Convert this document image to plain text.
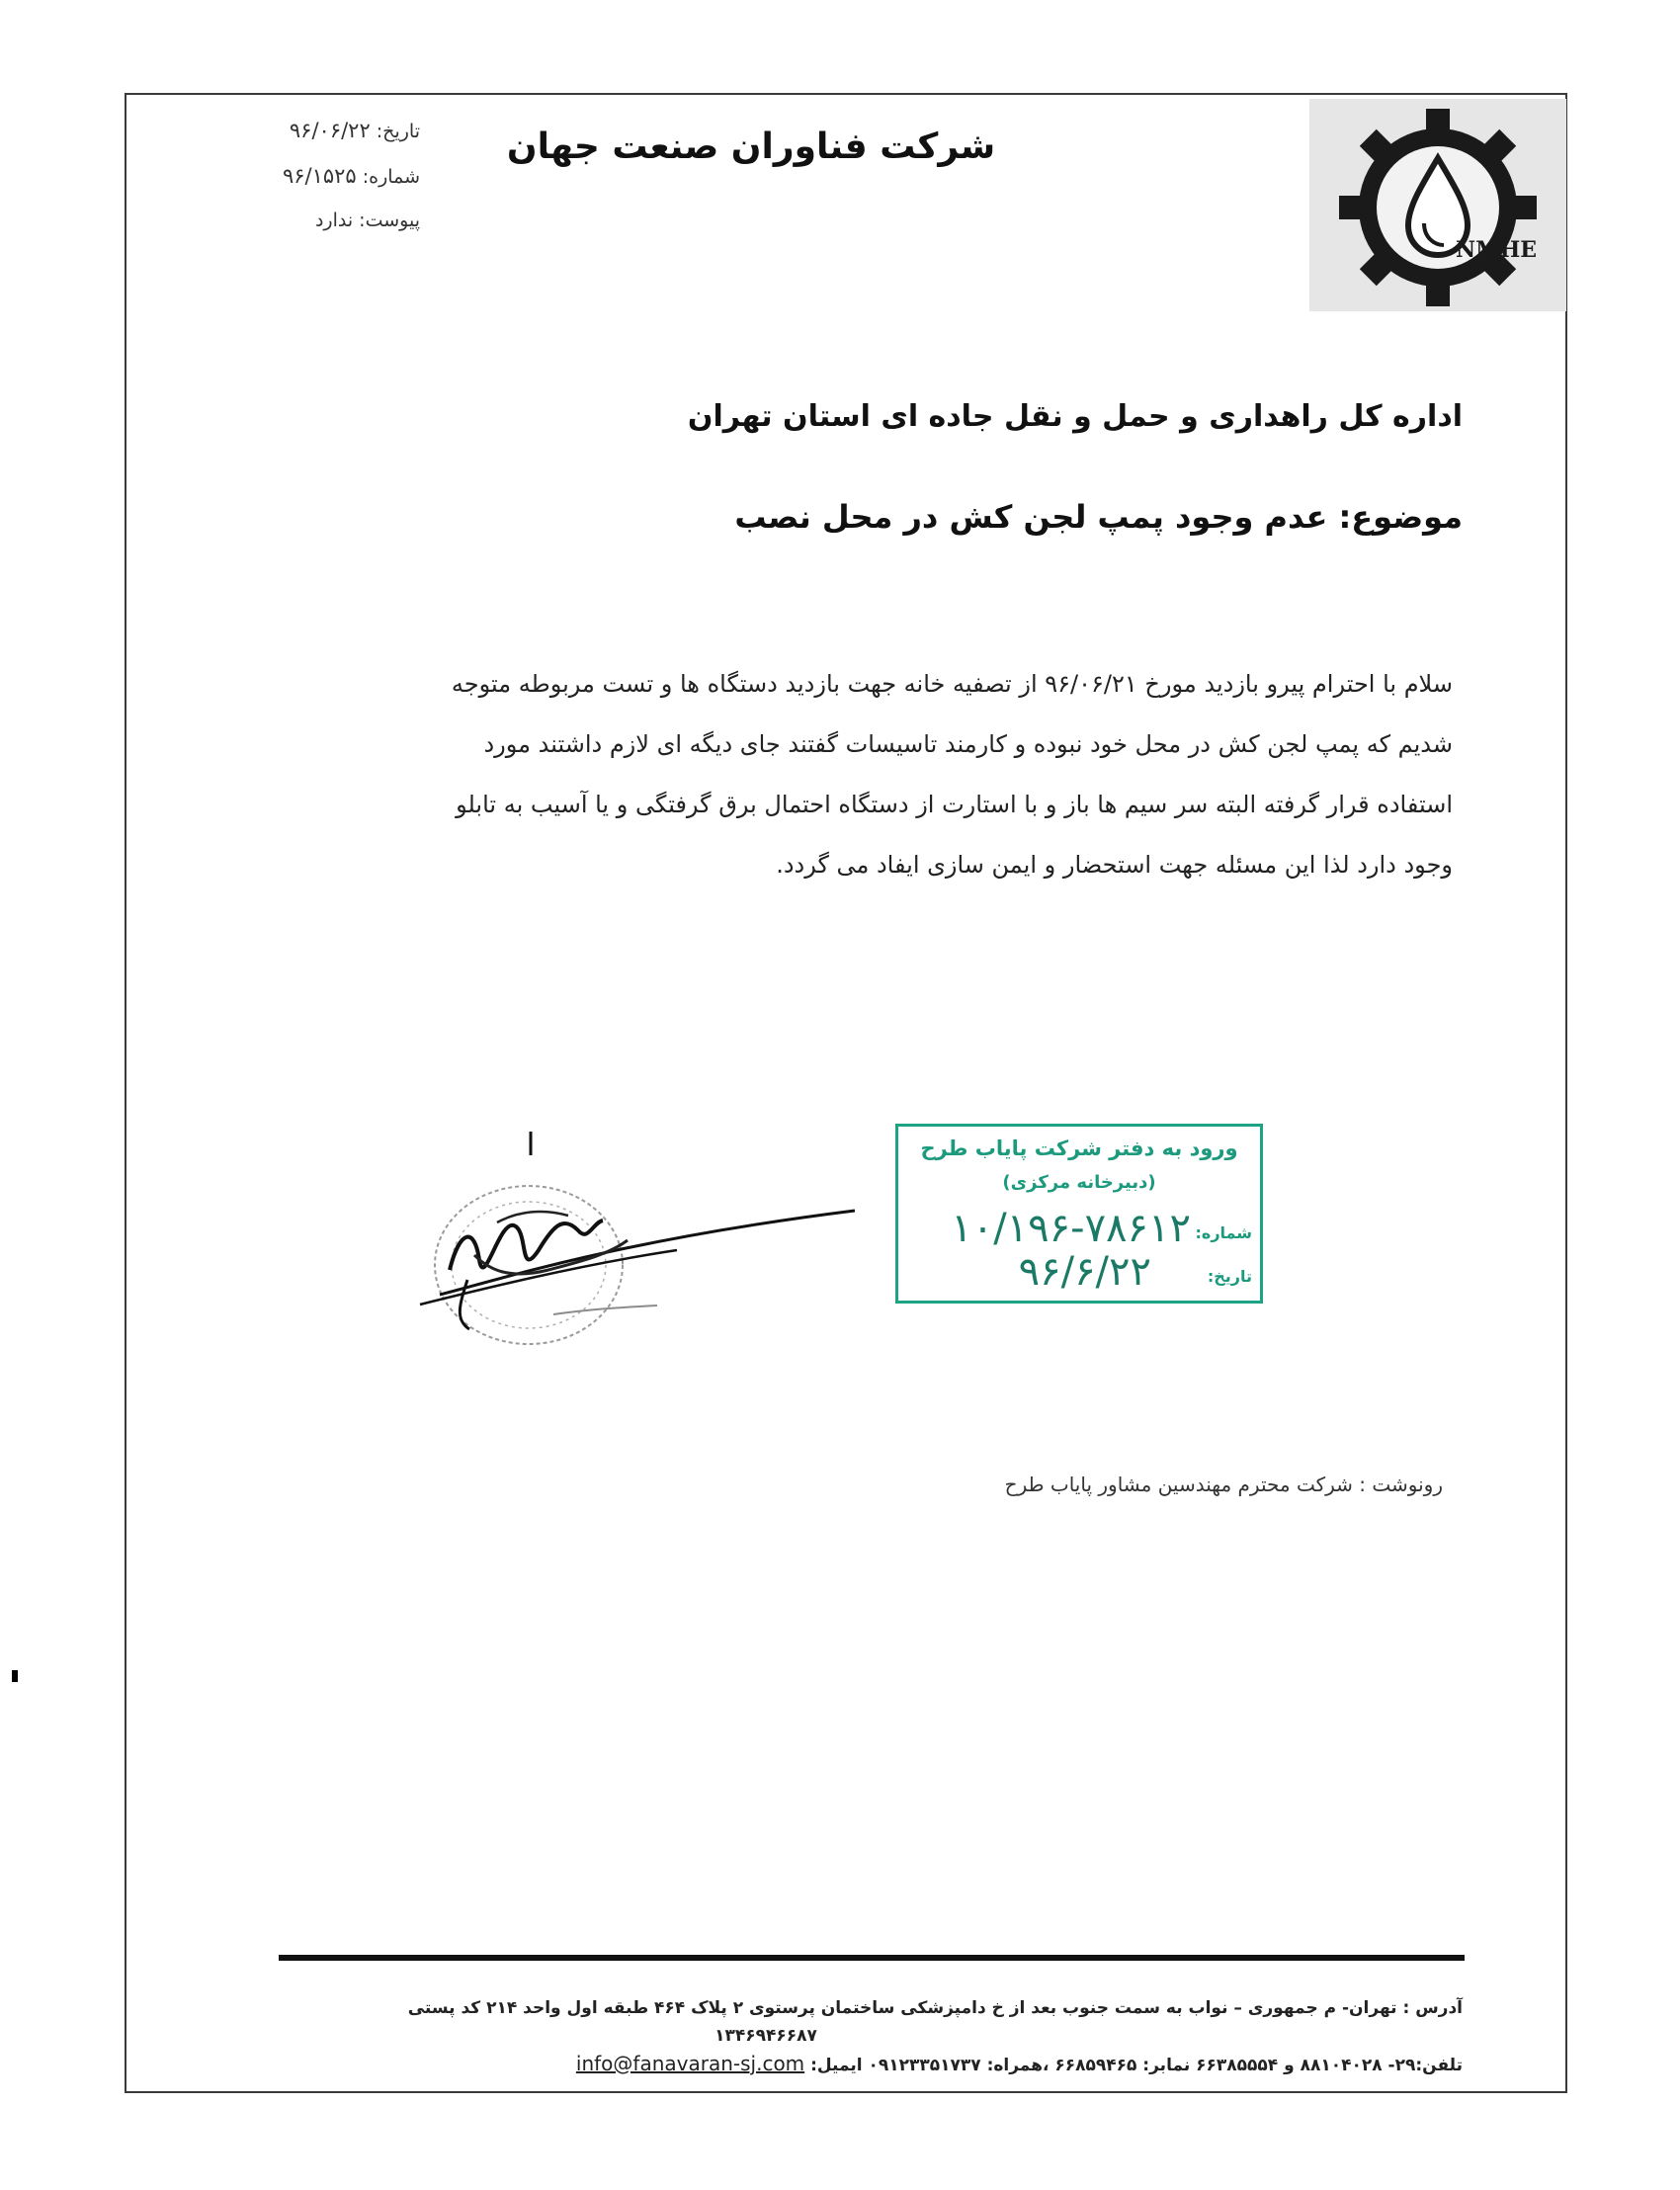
NMHE
شرکت فناوران صنعت جهان
تاریخ: ۹۶/۰۶/۲۲
شماره: ۹۶/۱۵۲۵
پیوست: ندارد
اداره کل راهداری و حمل و نقل جاده ای استان تهران
موضوع: عدم وجود پمپ لجن کش در محل نصب
سلام با احترام پیرو بازدید مورخ ۹۶/۰۶/۲۱ از تصفیه خانه جهت بازدید دستگاه ها و تست مربوطه متوجه
شدیم که پمپ لجن کش در محل خود نبوده و کارمند تاسیسات گفتند جای دیگه ای لازم داشتند مورد
استفاده قرار گرفته البته سر سیم ها باز و با استارت از دستگاه احتمال برق گرفتگی و یا آسیب به تابلو
وجود دارد لذا این مسئله جهت استحضار و ایمن سازی ایفاد می گردد.
ورود به دفتر شرکت پایاب طرح
(دبیرخانه مرکزی)
شماره:
۱۰/۱۹۶-۷۸۶۱۲
تاریخ:
۹۶/۶/۲۲
رونوشت : شرکت محترم مهندسین مشاور پایاب طرح
آدرس : تهران- م جمهوری – نواب به سمت جنوب بعد از خ دامپزشکی ساختمان پرستوی ۲ پلاک ۴۶۴ طبقه اول واحد ۲۱۴ کد پستی
۱۳۴۶۹۴۶۶۸۷
تلفن:۲۹- ۸۸۱۰۴۰۲۸ و ۶۶۳۸۵۵۵۴ نمابر: ۶۶۸۵۹۴۶۵ ،همراه: ۰۹۱۲۳۳۵۱۷۳۷ ایمیل: info@fanavaran-sj.com
